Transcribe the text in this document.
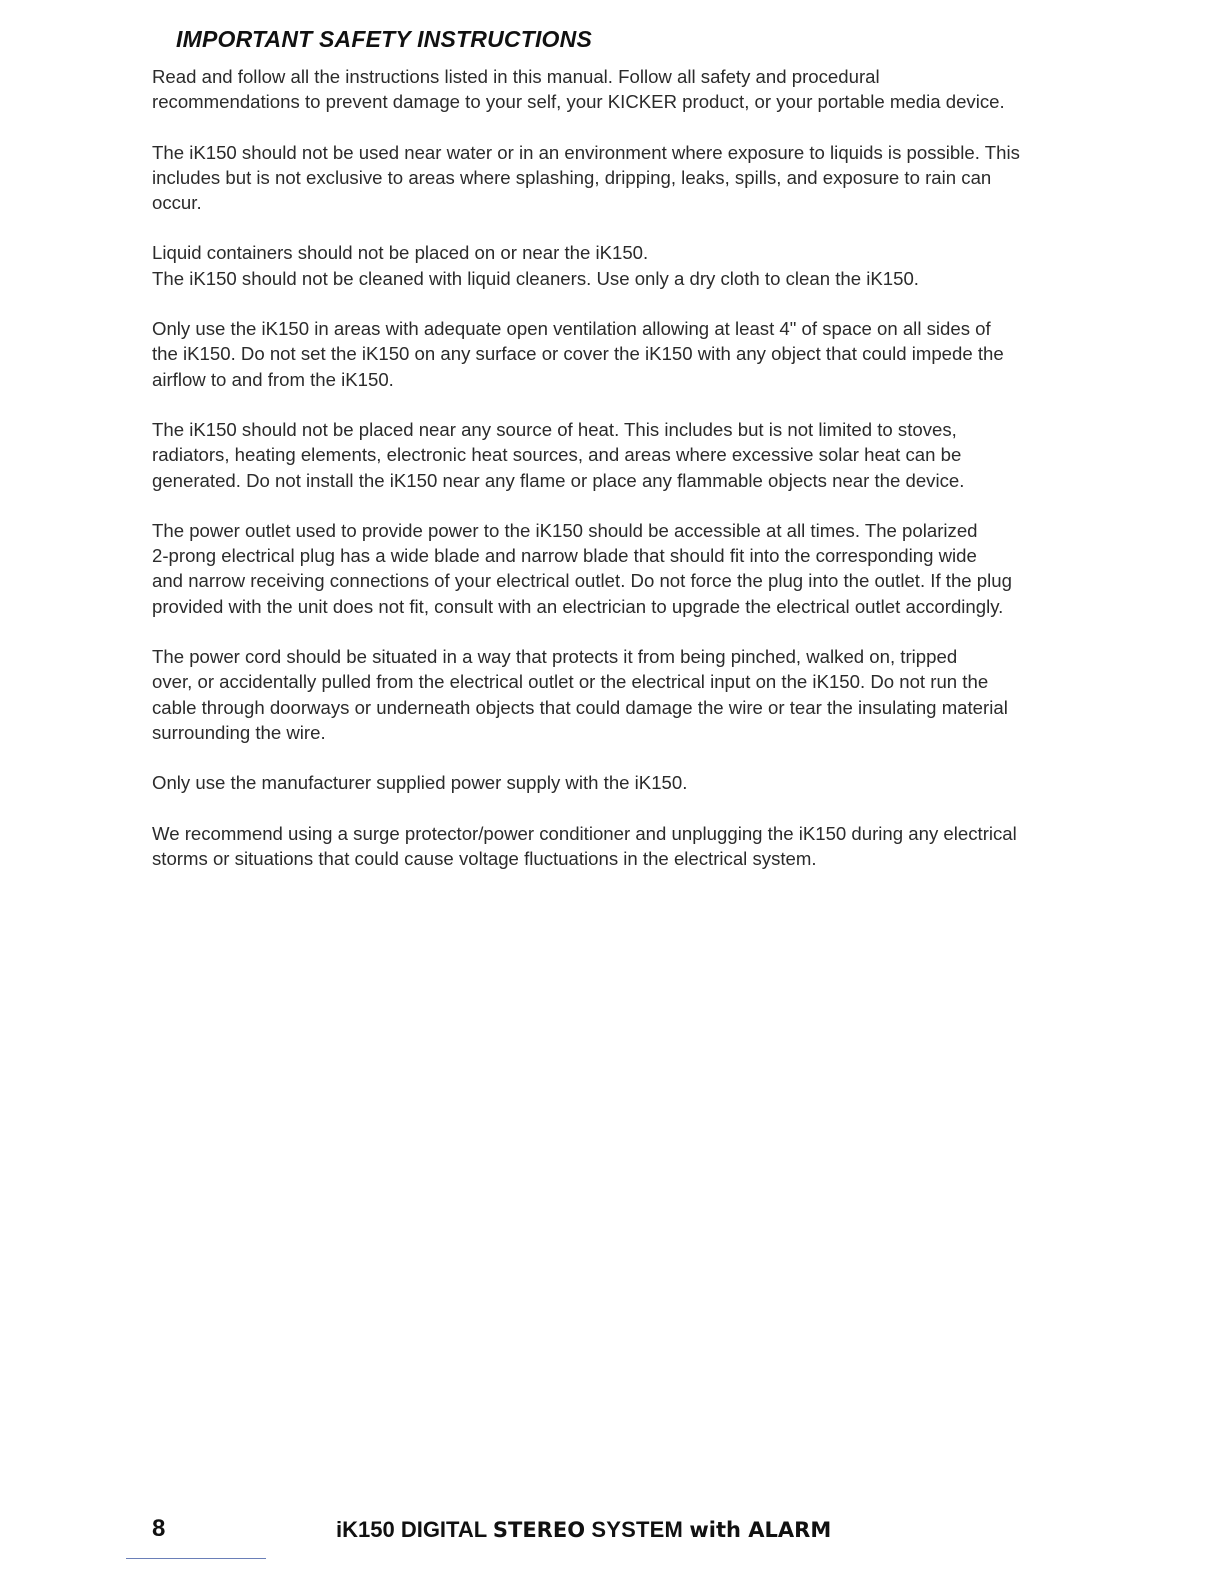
IMPORTANT SAFETY INSTRUCTIONS

Read and follow all the instructions listed in this manual. Follow all safety and procedural
recommendations to prevent damage to your self, your KICKER product, or your portable media device.

The iK150 should not be used near water or in an environment where exposure to liquids is possible. This
includes but is not exclusive to areas where splashing, dripping, leaks, spills, and exposure to rain can
occur.

Liquid containers should not be placed on or near the iK150.
The iK150 should not be cleaned with liquid cleaners. Use only a dry cloth to clean the iK150.

Only use the iK150 in areas with adequate open ventilation allowing at least 4" of space on all sides of
the iK150. Do not set the iK150 on any surface or cover the iK150 with any object that could impede the
airflow to and from the iK150.

The iK150 should not be placed near any source of heat. This includes but is not limited to stoves,
radiators, heating elements, electronic heat sources, and areas where excessive solar heat can be
generated. Do not install the iK150 near any flame or place any flammable objects near the device.

The power outlet used to provide power to the iK150 should be accessible at all times. The polarized
2-prong electrical plug has a wide blade and narrow blade that should fit into the corresponding wide
and narrow receiving connections of your electrical outlet. Do not force the plug into the outlet. If the plug
provided with the unit does not fit, consult with an electrician to upgrade the electrical outlet accordingly.

The power cord should be situated in a way that protects it from being pinched, walked on, tripped
over, or accidentally pulled from the electrical outlet or the electrical input on the iK150. Do not run the
cable through doorways or underneath objects that could damage the wire or tear the insulating material
surrounding the wire.

Only use the manufacturer supplied power supply with the iK150.

We recommend using a surge protector/power conditioner and unplugging the iK150 during any electrical
storms or situations that could cause voltage fluctuations in the electrical system.

8	iK150 DIGITAL STEREO SYSTEM with ALARM
